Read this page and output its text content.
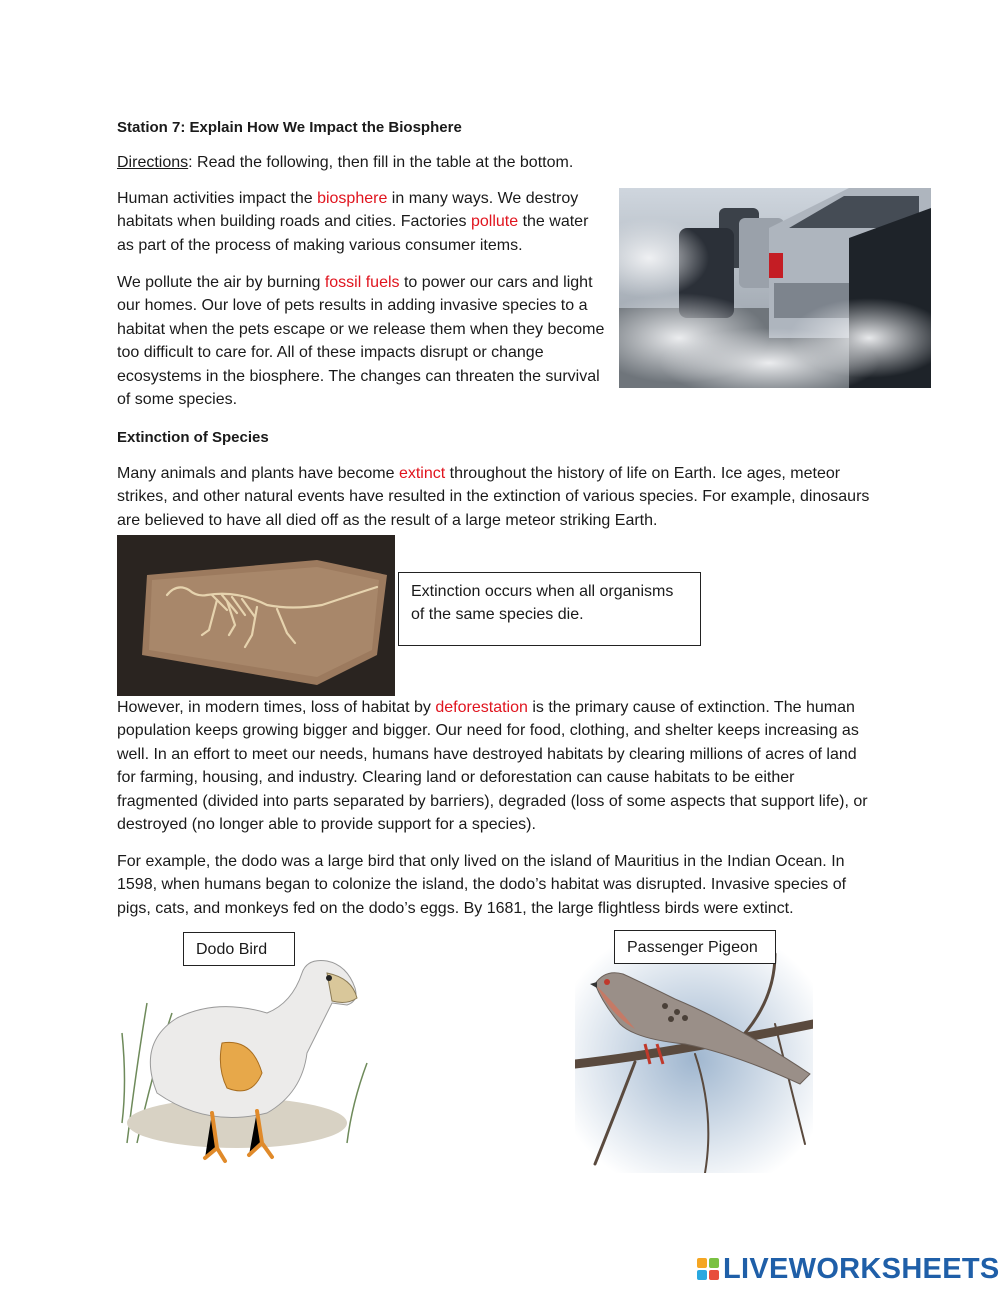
Station 7: Explain How We Impact the Biosphere
Directions: Read the following, then fill in the table at the bottom.
Human activities impact the biosphere in many ways. We destroy habitats when building roads and cities. Factories pollute the water as part of the process of making various consumer items.
We pollute the air by burning fossil fuels to power our cars and light our homes. Our love of pets results in adding invasive species to a habitat when the pets escape or we release them when they become too difficult to care for. All of these impacts disrupt or change ecosystems in the biosphere. The changes can threaten the survival of some species.
Extinction of Species
Many animals and plants have become extinct throughout the history of life on Earth. Ice ages, meteor strikes, and other natural events have resulted in the extinction of various species. For example, dinosaurs are believed to have all died off as the result of a large meteor striking Earth.
Extinction occurs when all organisms of the same species die.
However, in modern times, loss of habitat by deforestation is the primary cause of extinction. The human population keeps growing bigger and bigger. Our need for food, clothing, and shelter keeps increasing as well. In an effort to meet our needs, humans have destroyed habitats by clearing millions of acres of land for farming, housing, and industry. Clearing land or deforestation can cause habitats to be either fragmented (divided into parts separated by barriers), degraded (loss of some aspects that support life), or destroyed (no longer able to provide support for a species).
For example, the dodo was a large bird that only lived on the island of Mauritius in the Indian Ocean. In 1598, when humans began to colonize the island, the dodo’s habitat was disrupted. Invasive species of pigs, cats, and monkeys fed on the dodo’s eggs. By 1681, the large flightless birds were extinct.
Dodo Bird	Passenger Pigeon
LIVEWORKSHEETS
